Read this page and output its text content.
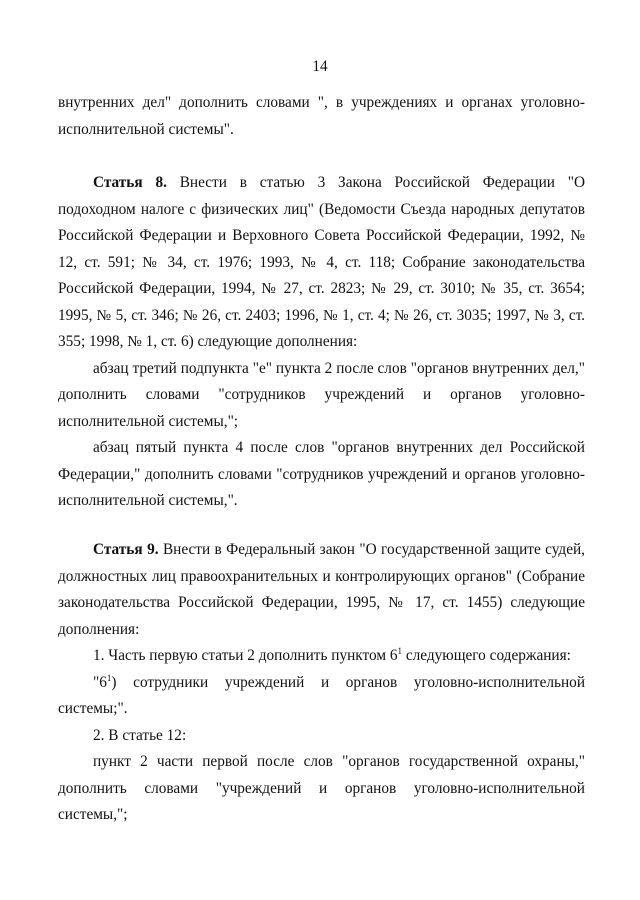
14

внутренних дел" дополнить словами ", в учреждениях и органах уголовно-исполнительной системы".

Статья 8. Внести в статью 3 Закона Российской Федерации "О подоходном налоге с физических лиц" (Ведомости Съезда народных депутатов Российской Федерации и Верховного Совета Российской Федерации, 1992, № 12, ст. 591; № 34, ст. 1976; 1993, № 4, ст. 118; Собрание законодательства Российской Федерации, 1994, № 27, ст. 2823; № 29, ст. 3010; № 35, ст. 3654; 1995, № 5, ст. 346; № 26, ст. 2403; 1996, № 1, ст. 4; № 26, ст. 3035; 1997, № 3, ст. 355; 1998, № 1, ст. 6) следующие дополнения:

абзац третий подпункта "е" пункта 2 после слов "органов внутренних дел," дополнить словами "сотрудников учреждений и органов уголовно-исполнительной системы,";

абзац пятый пункта 4 после слов "органов внутренних дел Российской Федерации," дополнить словами "сотрудников учреждений и органов уголовно-исполнительной системы,".

Статья 9. Внести в Федеральный закон "О государственной защите судей, должностных лиц правоохранительных и контролирующих органов" (Собрание законодательства Российской Федерации, 1995, № 17, ст. 1455) следующие дополнения:

1. Часть первую статьи 2 дополнить пунктом $6^1$ следующего содержания:

"$6^1$) сотрудники учреждений и органов уголовно-исполнительной системы;".

2. В статье 12:

пункт 2 части первой после слов "органов государственной охраны," дополнить словами "учреждений и органов уголовно-исполнительной системы,";
